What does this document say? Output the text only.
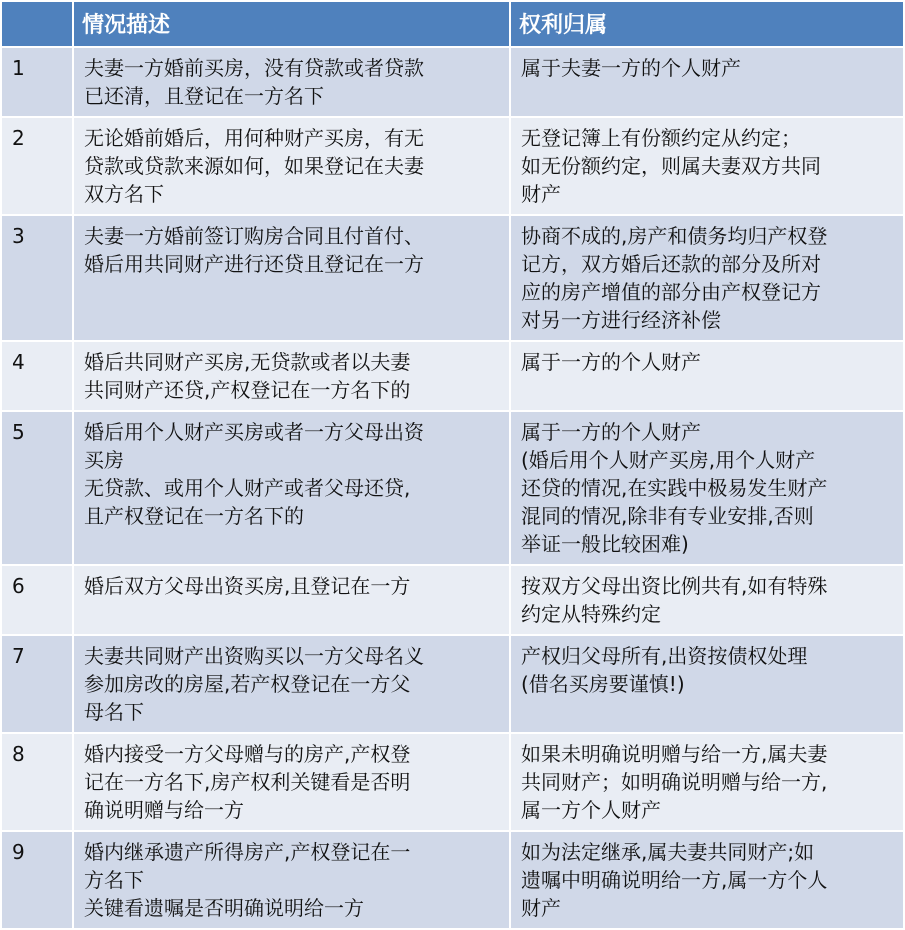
	情况描述	权利归属
1	夫妻一方婚前买房，没有贷款或者贷款
已还清，且登记在一方名下	属于夫妻一方的个人财产

2	无论婚前婚后，用何种财产买房，有无
贷款或贷款来源如何，如果登记在夫妻
双方名下	无登记簿上有份额约定从约定；
如无份额约定，则属夫妻双方共同
财产

3	夫妻一方婚前签订购房合同且付首付、
婚后用共同财产进行还贷且登记在一方	协商不成的,房产和债务均归产权登
记方，双方婚后还款的部分及所对
应的房产增值的部分由产权登记方
对另一方进行经济补偿

4	婚后共同财产买房,无贷款或者以夫妻
共同财产还贷,产权登记在一方名下的	属于一方的个人财产

5	婚后用个人财产买房或者一方父母出资
买房
无贷款、或用个人财产或者父母还贷,
且产权登记在一方名下的	属于一方的个人财产
(婚后用个人财产买房,用个人财产
还贷的情况,在实践中极易发生财产
混同的情况,除非有专业安排,否则
举证一般比较困难)

6	婚后双方父母出资买房,且登记在一方	按双方父母出资比例共有,如有特殊
约定从特殊约定

7	夫妻共同财产出资购买以一方父母名义
参加房改的房屋,若产权登记在一方父
母名下	产权归父母所有,出资按债权处理
(借名买房要谨慎!)

8	婚内接受一方父母赠与的房产,产权登
记在一方名下,房产权利关键看是否明
确说明赠与给一方	如果未明确说明赠与给一方,属夫妻
共同财产；如明确说明赠与给一方,
属一方个人财产

9	婚内继承遗产所得房产,产权登记在一
方名下
关键看遗嘱是否明确说明给一方	如为法定继承,属夫妻共同财产;如
遗嘱中明确说明给一方,属一方个人
财产
